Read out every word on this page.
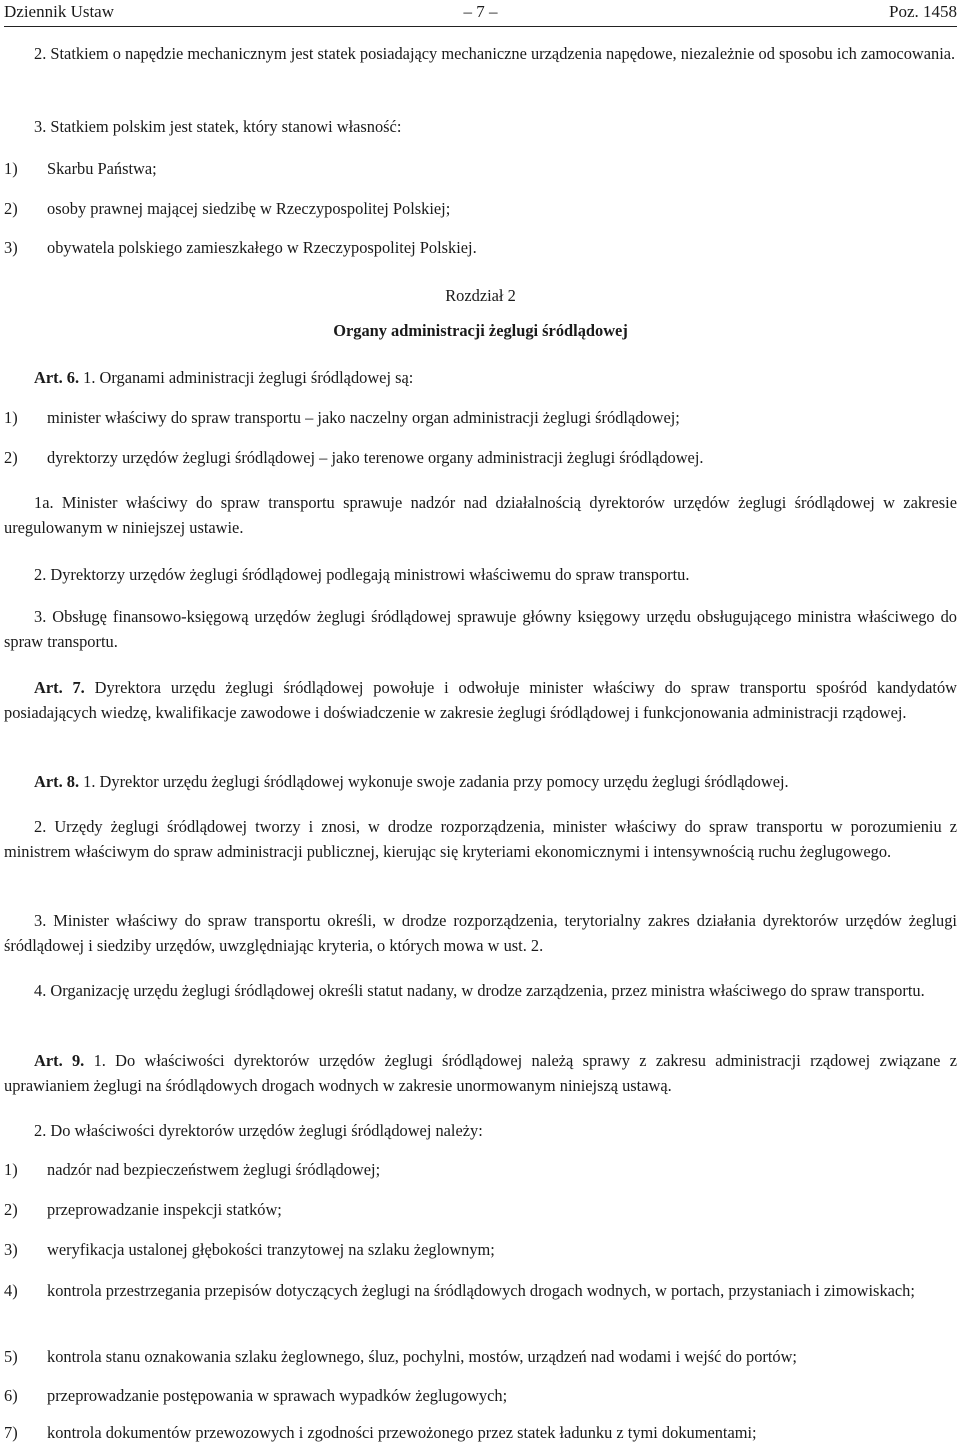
Dziennik Ustaw	– 7 –	Poz. 1458
2. Statkiem o napędzie mechanicznym jest statek posiadający mechaniczne urządzenia napędowe, niezależnie od sposobu ich zamocowania.
3. Statkiem polskim jest statek, który stanowi własność:
1) Skarbu Państwa;
2) osoby prawnej mającej siedzibę w Rzeczypospolitej Polskiej;
3) obywatela polskiego zamieszkałego w Rzeczypospolitej Polskiej.
Rozdział 2
Organy administracji żeglugi śródlądowej
Art. 6. 1. Organami administracji żeglugi śródlądowej są:
1) minister właściwy do spraw transportu – jako naczelny organ administracji żeglugi śródlądowej;
2) dyrektorzy urzędów żeglugi śródlądowej – jako terenowe organy administracji żeglugi śródlądowej.
1a. Minister właściwy do spraw transportu sprawuje nadzór nad działalnością dyrektorów urzędów żeglugi śródlądowej w zakresie uregulowanym w niniejszej ustawie.
2. Dyrektorzy urzędów żeglugi śródlądowej podlegają ministrowi właściwemu do spraw transportu.
3. Obsługę finansowo-księgową urzędów żeglugi śródlądowej sprawuje główny księgowy urzędu obsługującego ministra właściwego do spraw transportu.
Art. 7. Dyrektora urzędu żeglugi śródlądowej powołuje i odwołuje minister właściwy do spraw transportu spośród kandydatów posiadających wiedzę, kwalifikacje zawodowe i doświadczenie w zakresie żeglugi śródlądowej i funkcjonowania administracji rządowej.
Art. 8. 1. Dyrektor urzędu żeglugi śródlądowej wykonuje swoje zadania przy pomocy urzędu żeglugi śródlądowej.
2. Urzędy żeglugi śródlądowej tworzy i znosi, w drodze rozporządzenia, minister właściwy do spraw transportu w porozumieniu z ministrem właściwym do spraw administracji publicznej, kierując się kryteriami ekonomicznymi i intensywnością ruchu żeglugowego.
3. Minister właściwy do spraw transportu określi, w drodze rozporządzenia, terytorialny zakres działania dyrektorów urzędów żeglugi śródlądowej i siedziby urzędów, uwzględniając kryteria, o których mowa w ust. 2.
4. Organizację urzędu żeglugi śródlądowej określi statut nadany, w drodze zarządzenia, przez ministra właściwego do spraw transportu.
Art. 9. 1. Do właściwości dyrektorów urzędów żeglugi śródlądowej należą sprawy z zakresu administracji rządowej związane z uprawianiem żeglugi na śródlądowych drogach wodnych w zakresie unormowanym niniejszą ustawą.
2. Do właściwości dyrektorów urzędów żeglugi śródlądowej należy:
1) nadzór nad bezpieczeństwem żeglugi śródlądowej;
2) przeprowadzanie inspekcji statków;
3) weryfikacja ustalonej głębokości tranzytowej na szlaku żeglownym;
4) kontrola przestrzegania przepisów dotyczących żeglugi na śródlądowych drogach wodnych, w portach, przystaniach i zimowiskach;
5) kontrola stanu oznakowania szlaku żeglownego, śluz, pochylni, mostów, urządzeń nad wodami i wejść do portów;
6) przeprowadzanie postępowania w sprawach wypadków żeglugowych;
7) kontrola dokumentów przewozowych i zgodności przewożonego przez statek ładunku z tymi dokumentami;
